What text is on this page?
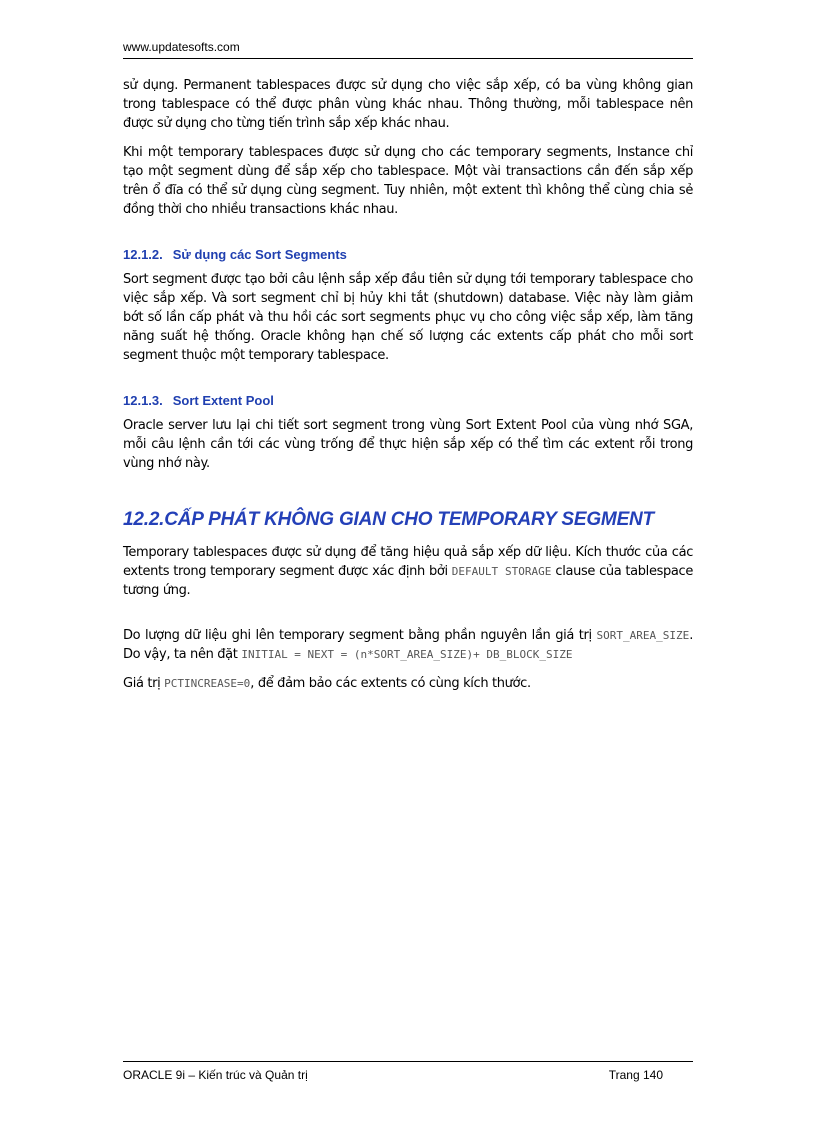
www.updatesofts.com

sử dụng. Permanent tablespaces được sử dụng cho việc sắp xếp, có ba vùng không gian trong tablespace có thể được phân vùng khác nhau. Thông thường, mỗi tablespace nên được sử dụng cho từng tiến trình sắp xếp khác nhau.

Khi một temporary tablespaces được sử dụng cho các temporary segments, Instance chỉ tạo một segment dùng để sắp xếp cho tablespace. Một vài transactions cần đến sắp xếp trên ổ đĩa có thể sử dụng cùng segment. Tuy nhiên, một extent thì không thể cùng chia sẻ đồng thời cho nhiều transactions khác nhau.

12.1.2. Sử dụng các Sort Segments

Sort segment được tạo bởi câu lệnh sắp xếp đầu tiên sử dụng tới temporary tablespace cho việc sắp xếp. Và sort segment chỉ bị hủy khi tắt (shutdown) database. Việc này làm giảm bớt số lần cấp phát và thu hồi các sort segments phục vụ cho công việc sắp xếp, làm tăng năng suất hệ thống. Oracle không hạn chế số lượng các extents cấp phát cho mỗi sort segment thuộc một temporary tablespace.

12.1.3. Sort Extent Pool

Oracle server lưu lại chi tiết sort segment trong vùng Sort Extent Pool của vùng nhớ SGA, mỗi câu lệnh cần tới các vùng trống để thực hiện sắp xếp có thể tìm các extent rỗi trong vùng nhớ này.

12.2.CẤP PHÁT KHÔNG GIAN CHO TEMPORARY SEGMENT

Temporary tablespaces được sử dụng để tăng hiệu quả sắp xếp dữ liệu. Kích thước của các extents trong temporary segment được xác định bởi DEFAULT STORAGE clause của tablespace tương ứng.

Do lượng dữ liệu ghi lên temporary segment bằng phần nguyên lần giá trị SORT_AREA_SIZE. Do vậy, ta nên đặt INITIAL = NEXT = (n*SORT_AREA_SIZE)+ DB_BLOCK_SIZE

Giá trị PCTINCREASE=0, để đảm bảo các extents có cùng kích thước.

ORACLE 9i – Kiến trúc và Quản trị	Trang 140
